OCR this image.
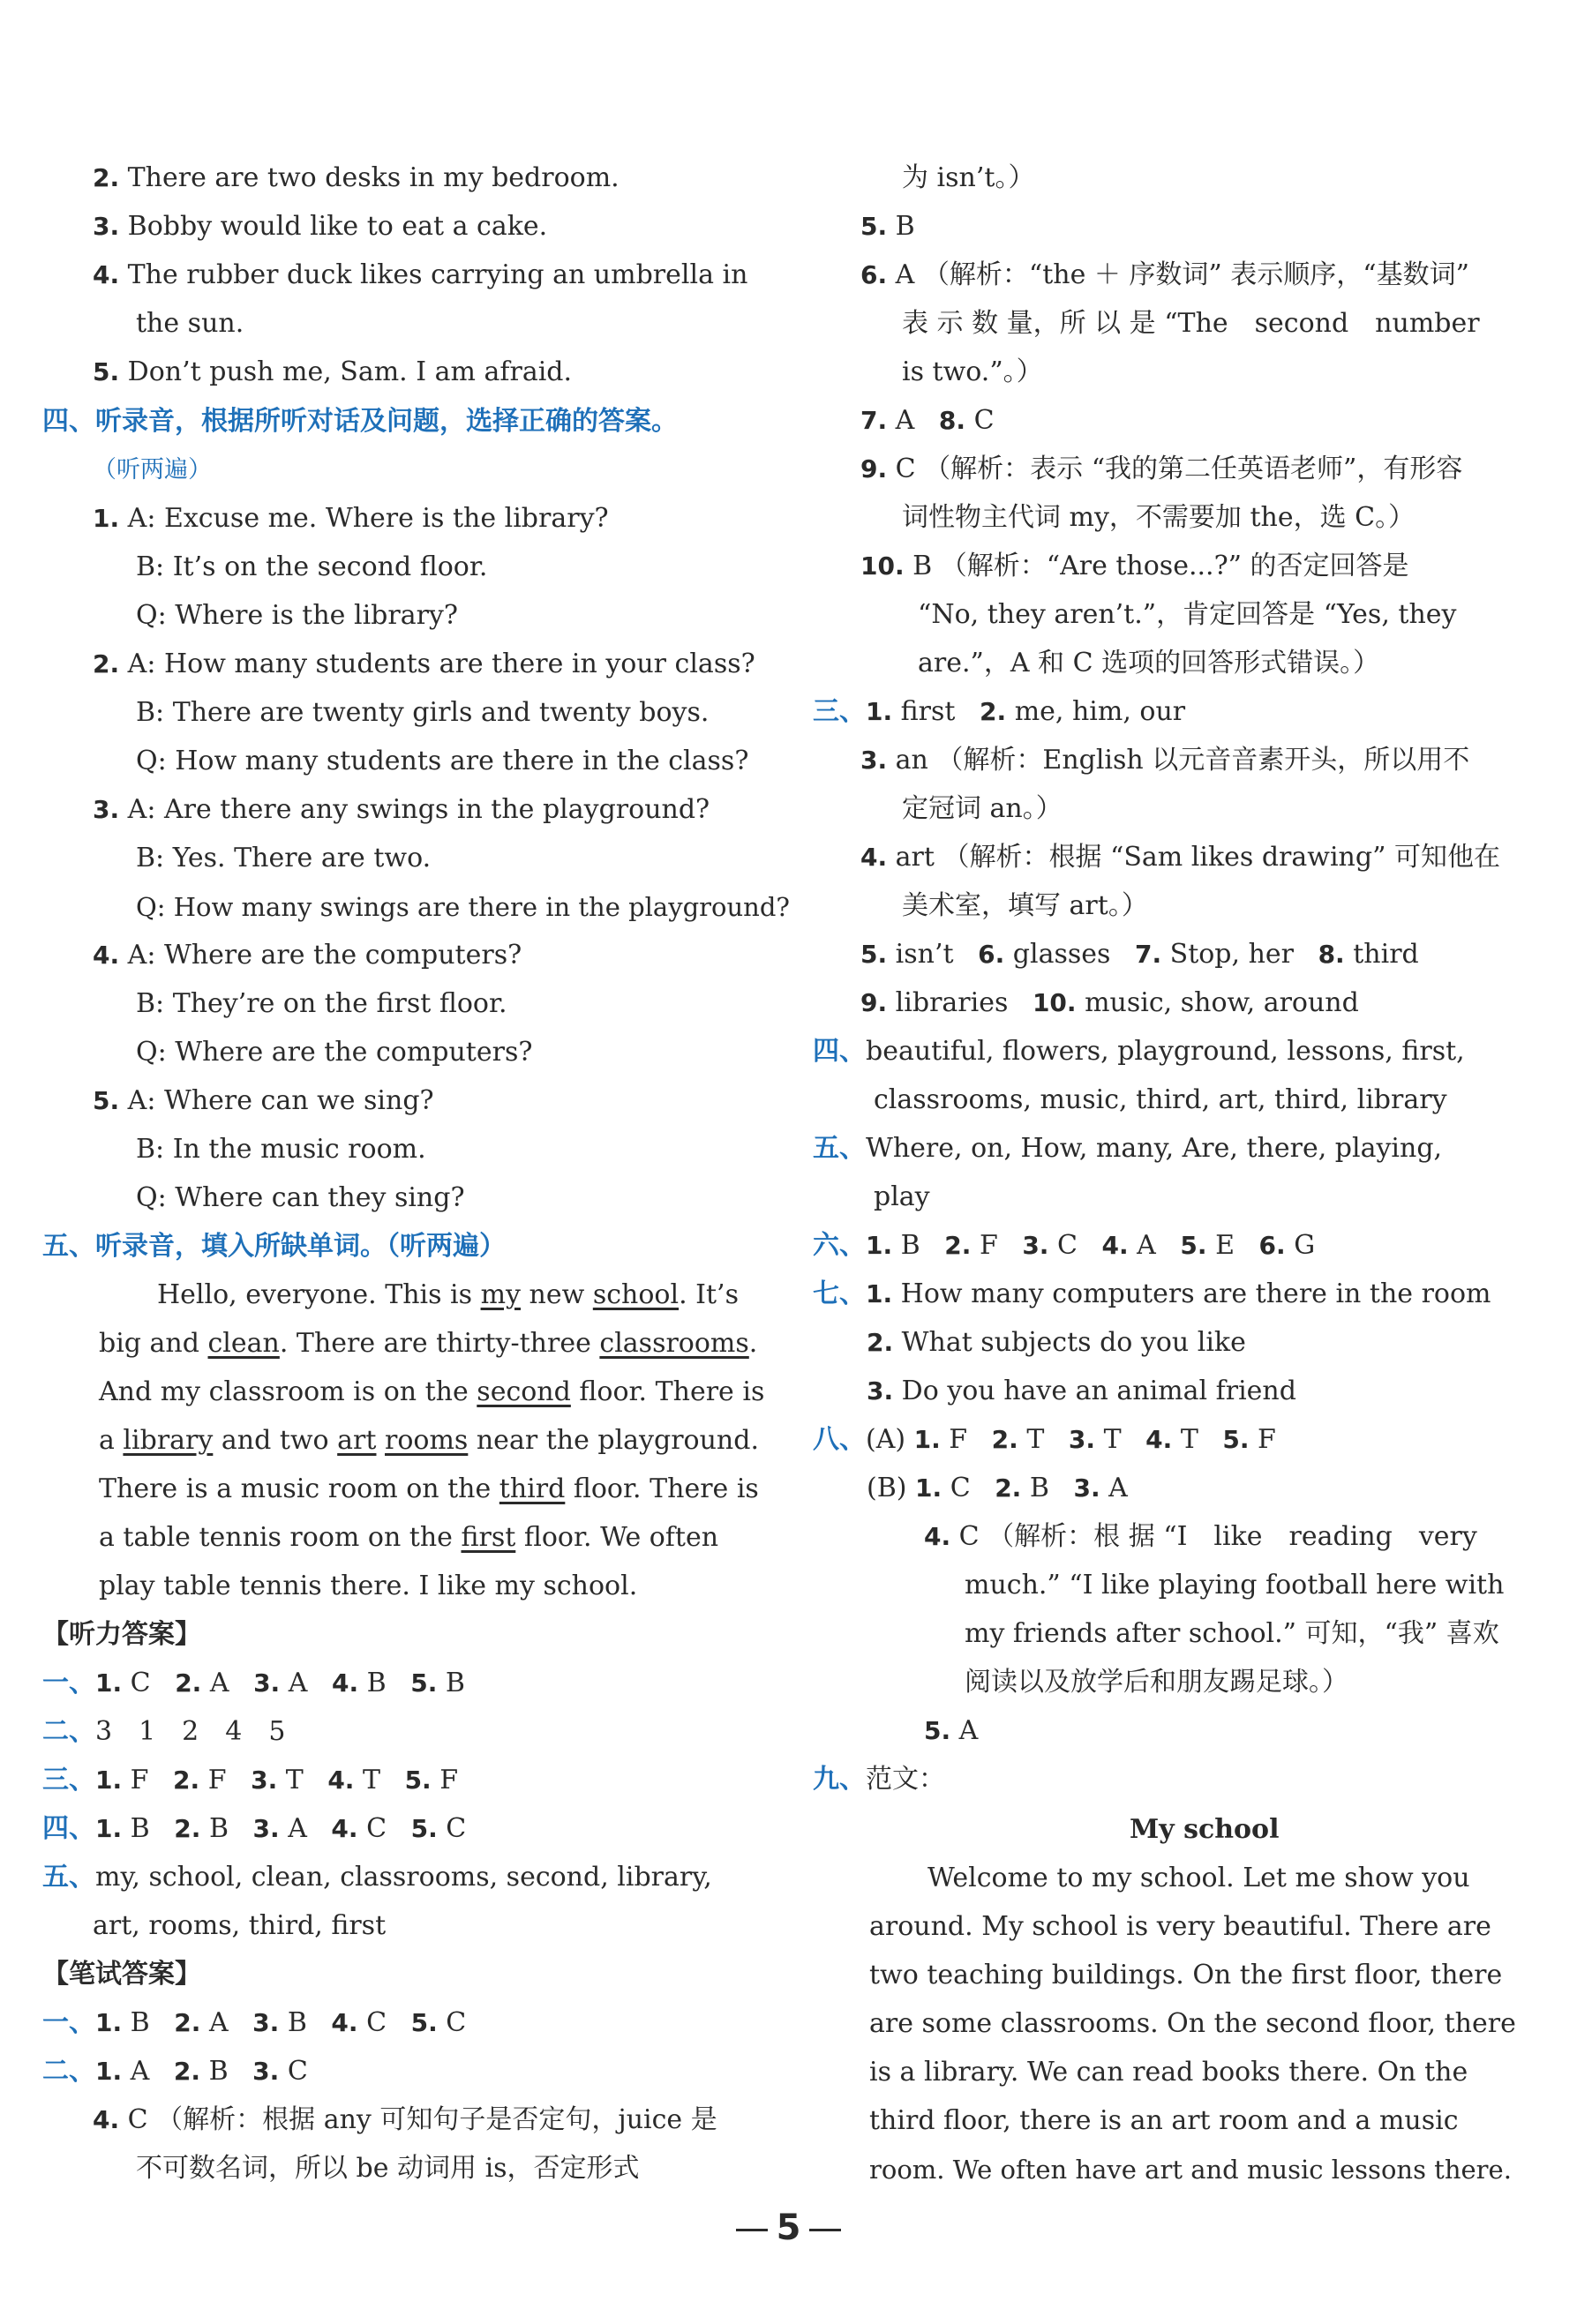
2. There are two desks in my bedroom.
3. Bobby would like to eat a cake.
4. The rubber duck likes carrying an umbrella in
the sun.
5. Don’t push me, Sam. I am afraid.
四、听录音，根据所听对话及问题，选择正确的答案。
（听两遍）
1. A: Excuse me. Where is the library?
B: It’s on the second floor.
Q: Where is the library?
2. A: How many students are there in your class?
B: There are twenty girls and twenty boys.
Q: How many students are there in the class?
3. A: Are there any swings in the playground?
B: Yes. There are two.
Q: How many swings are there in the playground?
4. A: Where are the computers?
B: They’re on the first floor.
Q: Where are the computers?
5. A: Where can we sing?
B: In the music room.
Q: Where can they sing?
五、听录音，填入所缺单词。（听两遍）
Hello, everyone. This is my new school. It’s
big and clean. There are thirty-three classrooms.
And my classroom is on the second floor. There is
a library and two art rooms near the playground.
There is a music room on the third floor. There is
a table tennis room on the first floor. We often
play table tennis there. I like my school.
【听力答案】
一、1. C 2. A 3. A 4. B 5. B
二、3　1　2　4　5
三、1. F 2. F 3. T 4. T 5. F
四、1. B 2. B 3. A 4. C 5. C
五、my, school, clean, classrooms, second, library,
art, rooms, third, first
【笔试答案】
一、1. B 2. A 3. B 4. C 5. C
二、1. A 2. B 3. C
4. C （解析：根据 any 可知句子是否定句，juice 是
不可数名词，所以 be 动词用 is，否定形式
为 isn’t。）
5. B
6. A （解析：“the ＋ 序数词” 表示顺序，“基数词”
表 示 数 量，所 以 是 “The　second　number
is two.”。）
7. A 8. C
9. C （解析：表示 “我的第二任英语老师”，有形容
词性物主代词 my，不需要加 the，选 C。）
10. B （解析：“Are those...?” 的否定回答是
“No, they aren’t.”，肯定回答是 “Yes, they
are.”，A 和 C 选项的回答形式错误。）
三、1. first 2. me, him, our
3. an （解析：English 以元音音素开头，所以用不
定冠词 an。）
4. art （解析：根据 “Sam likes drawing” 可知他在
美术室，填写 art。）
5. isn’t 6. glasses 7. Stop, her 8. third
9. libraries 10. music, show, around
四、beautiful, flowers, playground, lessons, first,
classrooms, music, third, art, third, library
五、Where, on, How, many, Are, there, playing,
play
六、1. B 2. F 3. C 4. A 5. E 6. G
七、1. How many computers are there in the room
2. What subjects do you like
3. Do you have an animal friend
八、(A) 1. F 2. T 3. T 4. T 5. F
(B) 1. C 2. B 3. A
4. C （解析：根 据 “I　like　reading　very
much.” “I like playing football here with
my friends after school.” 可知，“我” 喜欢
阅读以及放学后和朋友踢足球。）
5. A
九、范文：
My school
Welcome to my school. Let me show you
around. My school is very beautiful. There are
two teaching buildings. On the first floor, there
are some classrooms. On the second floor, there
is a library. We can read books there. On the
third floor, there is an art room and a music
room. We often have art and music lessons there.
5
